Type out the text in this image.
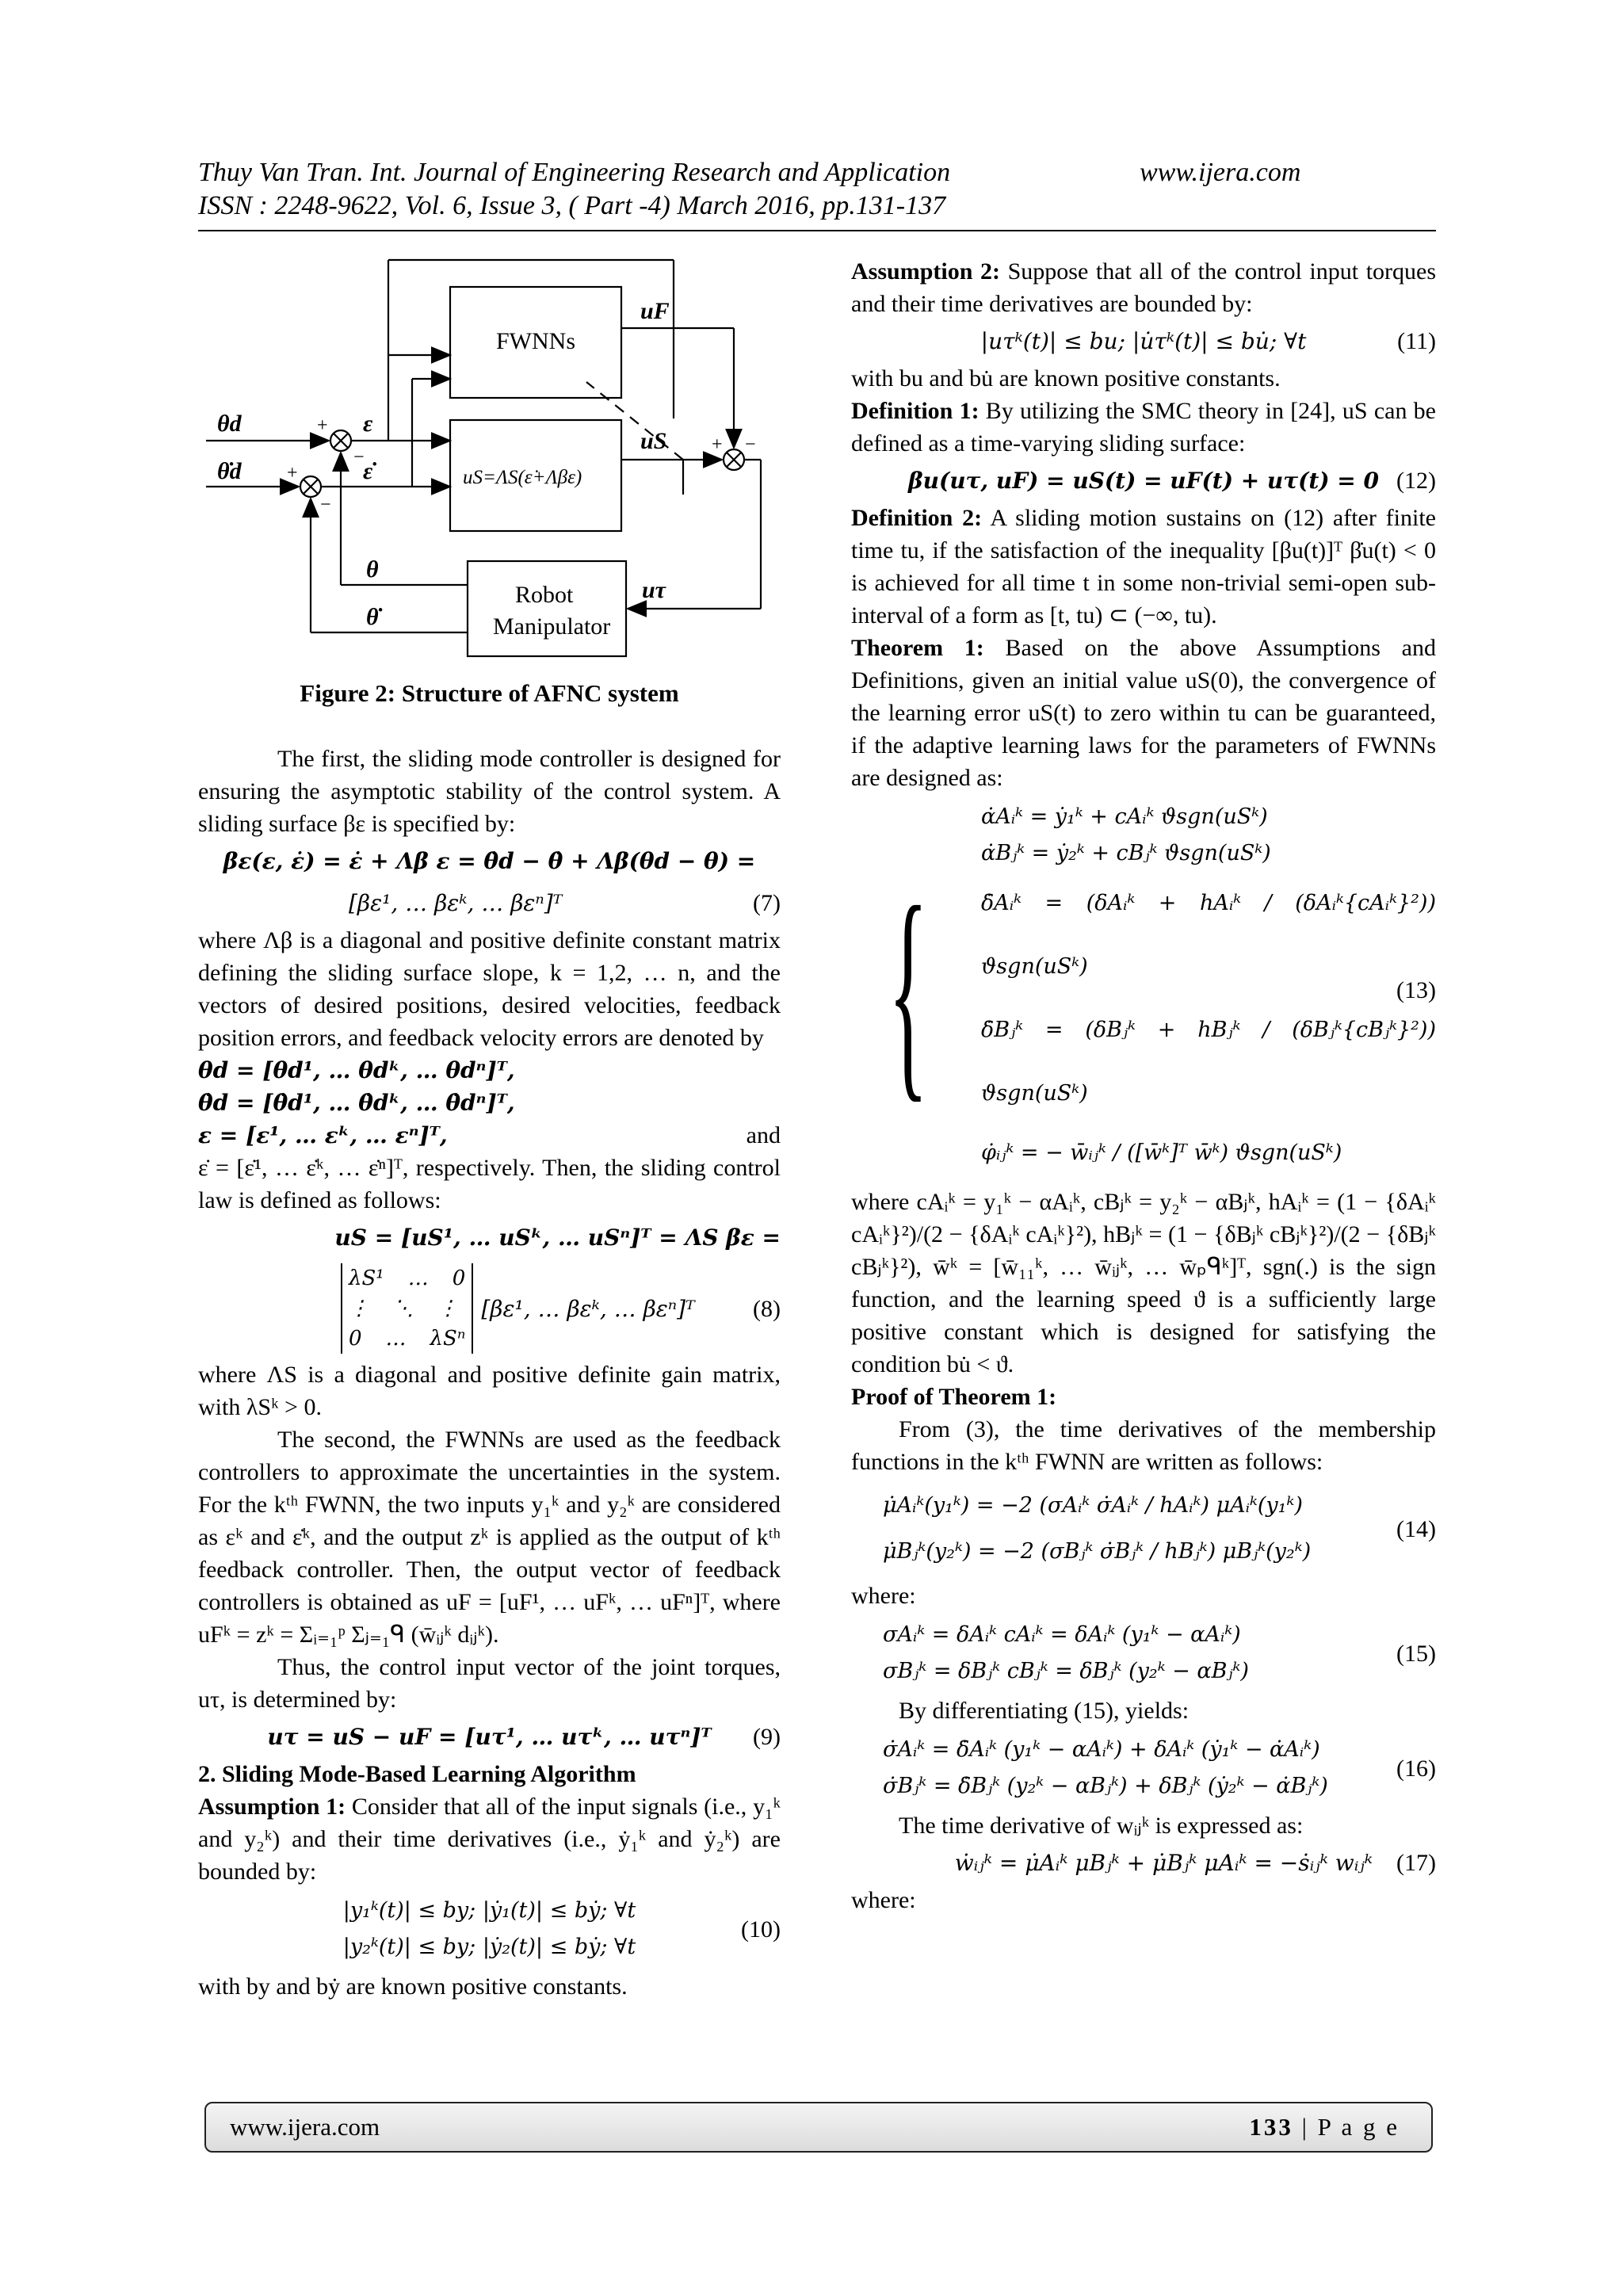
Thuy Van Tran. Int. Journal of Engineering Research and Application	www.ijera.com
ISSN : 2248-9622, Vol. 6, Issue 3, ( Part -4) March 2016, pp.131-137
FWNNs
uS=ΛS(ε̇+Λβε)
Robot
Manipulator
uF
uS
uτ
θd
θ̇d
ε
ε̇
θ
θ̇
+
+
−
−
+ −
Figure 2: Structure of AFNC system

The first, the sliding mode controller is designed for ensuring the asymptotic stability of the control system. A sliding surface βε is specified by:

βε(ε, ε̇) = ε̇ + Λβ ε = θ̇d − θ̇ + Λβ(θd − θ) =
[βε¹, … βεᵏ, … βεⁿ]ᵀ	(7)

where Λβ is a diagonal and positive definite constant matrix defining the sliding surface slope, k = 1,2, … n, and the vectors of desired positions, desired velocities, feedback position errors, and feedback velocity errors are denoted by

θd = [θd¹, … θdᵏ, … θdⁿ]ᵀ,

θ̇d = [θ̇d¹, … θ̇dᵏ, … θ̇dⁿ]ᵀ,

ε = [ε¹, … εᵏ, … εⁿ]ᵀ,	and

ε̇ = [ε̇¹, … ε̇ᵏ, … ε̇ⁿ]ᵀ, respectively. Then, the sliding control law is defined as follows:

uS = [uS¹, … uSᵏ, … uSⁿ]ᵀ = ΛS βε =
λS¹ … 0
⋮ ⋱ ⋮
0 … λSⁿ
[βε¹, … βεᵏ, … βεⁿ]ᵀ (8)

where ΛS is a diagonal and positive definite gain matrix, with λSᵏ > 0.

The second, the FWNNs are used as the feedback controllers to approximate the uncertainties in the system. For the kᵗʰ FWNN, the two inputs y₁ᵏ and y₂ᵏ are considered as εᵏ and ε̇ᵏ, and the output zᵏ is applied as the output of kᵗʰ feedback controller. Then, the output vector of feedback controllers is obtained as uF = [uF¹, … uFᵏ, … uFⁿ]ᵀ, where uFᵏ = zᵏ = Σᵢ₌₁ᵖ Σⱼ₌₁ᑫ (w̄ᵢⱼᵏ dᵢⱼᵏ).

Thus, the control input vector of the joint torques, uτ, is determined by:

uτ = uS − uF = [uτ¹, … uτᵏ, … uτⁿ]ᵀ (9)

2. Sliding Mode-Based Learning Algorithm

Assumption 1: Consider that all of the input signals (i.e., y₁ᵏ and y₂ᵏ) and their time derivatives (i.e., ẏ₁ᵏ and ẏ₂ᵏ) are bounded by:

|y₁ᵏ(t)| ≤ by; |ẏ₁(t)| ≤ bẏ; ∀t
|y₂ᵏ(t)| ≤ by; |ẏ₂(t)| ≤ bẏ; ∀t
(10)

with by and bẏ are known positive constants.

Assumption 2: Suppose that all of the control input torques and their time derivatives are bounded by:

|uτᵏ(t)| ≤ bu; |u̇τᵏ(t)| ≤ bu̇; ∀t	(11)

with bu and bu̇ are known positive constants.

Definition 1: By utilizing the SMC theory in [24], uS can be defined as a time-varying sliding surface:

βu(uτ, uF) = uS(t) = uF(t) + uτ(t) = 0 (12)

Definition 2: A sliding motion sustains on (12) after finite time tu, if the satisfaction of the inequality [βu(t)]ᵀ β̇u(t) < 0 is achieved for all time t in some non-trivial semi-open sub-interval of a form as [t, tu) ⊂ (−∞, tu).

Theorem 1: Based on the above Assumptions and Definitions, given an initial value uS(0), the convergence of the learning error uS(t) to zero within tu can be guaranteed, if the adaptive learning laws for the parameters of FWNNs are designed as:

{
α̇Aᵢᵏ = ẏ₁ᵏ + cAᵢᵏ ϑsgn(uSᵏ)
α̇Bⱼᵏ = ẏ₂ᵏ + cBⱼᵏ ϑsgn(uSᵏ)
δ̇Aᵢᵏ = (δAᵢᵏ + hAᵢᵏ / (δAᵢᵏ{cAᵢᵏ}²)) ϑsgn(uSᵏ)
δ̇Bⱼᵏ = (δBⱼᵏ + hBⱼᵏ / (δBⱼᵏ{cBⱼᵏ}²)) ϑsgn(uSᵏ)
φ̇ᵢⱼᵏ = − w̄ᵢⱼᵏ / ([w̄ᵏ]ᵀ w̄ᵏ) ϑsgn(uSᵏ)
(13)

where cAᵢᵏ = y₁ᵏ − αAᵢᵏ, cBⱼᵏ = y₂ᵏ − αBⱼᵏ, hAᵢᵏ = (1 − {δAᵢᵏ cAᵢᵏ}²)/(2 − {δAᵢᵏ cAᵢᵏ}²), hBⱼᵏ = (1 − {δBⱼᵏ cBⱼᵏ}²)/(2 − {δBⱼᵏ cBⱼᵏ}²), w̄ᵏ = [w̄₁₁ᵏ, … w̄ᵢⱼᵏ, … w̄ₚᑫᵏ]ᵀ, sgn(.) is the sign function, and the learning speed ϑ is a sufficiently large positive constant which is designed for satisfying the condition bu̇ < ϑ.

Proof of Theorem 1:

From (3), the time derivatives of the membership functions in the kᵗʰ FWNN are written as follows:

μ̇Aᵢᵏ(y₁ᵏ) = −2 (σAᵢᵏ σ̇Aᵢᵏ / hAᵢᵏ) μAᵢᵏ(y₁ᵏ)
μ̇Bⱼᵏ(y₂ᵏ) = −2 (σBⱼᵏ σ̇Bⱼᵏ / hBⱼᵏ) μBⱼᵏ(y₂ᵏ)
(14)

where:

σAᵢᵏ = δAᵢᵏ cAᵢᵏ = δAᵢᵏ (y₁ᵏ − αAᵢᵏ)
σBⱼᵏ = δBⱼᵏ cBⱼᵏ = δBⱼᵏ (y₂ᵏ − αBⱼᵏ)
(15)

By differentiating (15), yields:

σ̇Aᵢᵏ = δ̇Aᵢᵏ (y₁ᵏ − αAᵢᵏ) + δAᵢᵏ (ẏ₁ᵏ − α̇Aᵢᵏ)
σ̇Bⱼᵏ = δ̇Bⱼᵏ (y₂ᵏ − αBⱼᵏ) + δBⱼᵏ (ẏ₂ᵏ − α̇Bⱼᵏ)
(16)

The time derivative of wᵢⱼᵏ is expressed as:

ẇᵢⱼᵏ = μ̇Aᵢᵏ μBⱼᵏ + μ̇Bⱼᵏ μAᵢᵏ = −ṡᵢⱼᵏ wᵢⱼᵏ (17)

where:

www.ijera.com	133 | P a g e
